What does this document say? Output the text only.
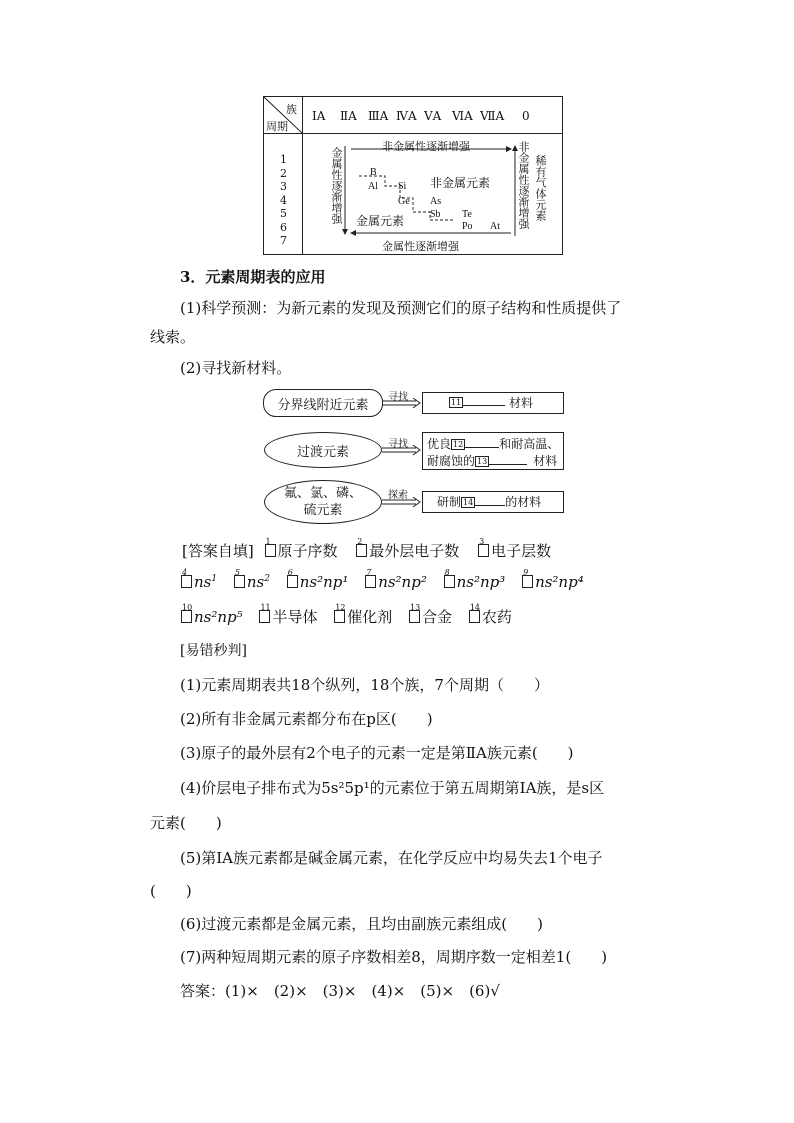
族
周期
ⅠA	ⅡA ⅢA ⅣA ⅤA ⅥA ⅦA	0
1
2
3
4
5
6
7
非金属性逐渐增强
金属性逐渐增强
金属性逐渐增强	非金属性逐渐增强 稀有气体元素
非金属元素
金属元素
B
Al Si
Ge As
Sb Te
Po At
3．元素周期表的应用
(1)科学预测：为新元素的发现及预测它们的原子结构和性质提供了
线索。
(2)寻找新材料。
分界线附近元素	寻找	11	材料
过渡元素	寻找 优良 12	和耐高温、
耐腐蚀的 13	材料
氟、氯、磷、
硫元素
探索 研制 14	的材料
[答案自填]
1
原子序数
2
最外层电子数
3
电子层数
4
$ns^1$
5
$ns^2$
6
ns²np¹
7
ns²np²
8
ns²np³
9
ns²np⁴
10
ns²np⁵
11
半导体
12
催化剂
13
合金
14
农药
[易错秒判]
(1)元素周期表共18个纵列，18个族，7个周期（　　）
(2)所有非金属元素都分布在p区(　　)
(3)原子的最外层有2个电子的元素一定是第ⅡA族元素(　　)
(4)价层电子排布式为5s²5p¹的元素位于第五周期第ⅠA族，是s区
元素(　　)
(5)第ⅠA族元素都是碱金属元素，在化学反应中均易失去1个电子
(　　)
(6)过渡元素都是金属元素，且均由副族元素组成(　　)
(7)两种短周期元素的原子序数相差8，周期序数一定相差1(　　)
答案：(1)×　(2)×　(3)×　(4)×　(5)×　(6)√
